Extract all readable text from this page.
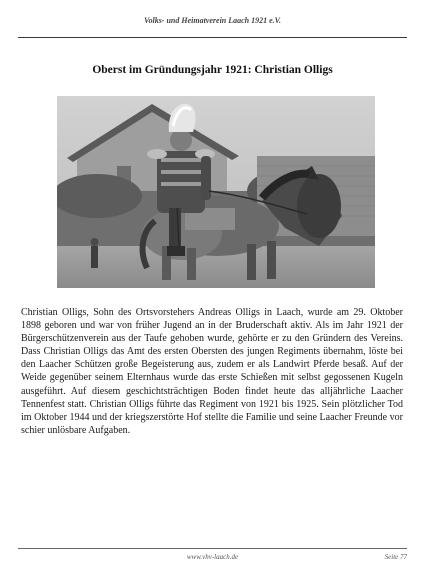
Volks- und Heimatverein Laach 1921 e.V.
Oberst im Gründungsjahr 1921: Christian Olligs
Christian Olligs, Sohn des Ortsvorstehers Andreas Olligs in Laach, wurde am 29. Oktober 1898 geboren und war von früher Jugend an in der Bruderschaft aktiv. Als im Jahr 1921 der Bürgerschützenverein aus der Taufe gehoben wurde, gehörte er zu den Gründern des Vereins. Dass Christian Olligs das Amt des ersten Obersten des jungen Regiments übernahm, löste bei den Laacher Schützen große Begeisterung aus, zudem er als Landwirt Pferde besaß. Auf der Weide gegenüber seinem Elternhaus wurde das erste Schießen mit selbst gegossenen Kugeln ausgeführt. Auf diesem geschichtsträchtigen Boden findet heute das alljährliche Laacher Tennenfest statt. Christian Olligs führte das Regiment von 1921 bis 1925. Sein plötzlicher Tod im Oktober 1944 und der kriegszerstörte Hof stellte die Familie und seine Laacher Freunde vor schier unlösbare Aufgaben.
www.vhv-laach.de	Seite 77
